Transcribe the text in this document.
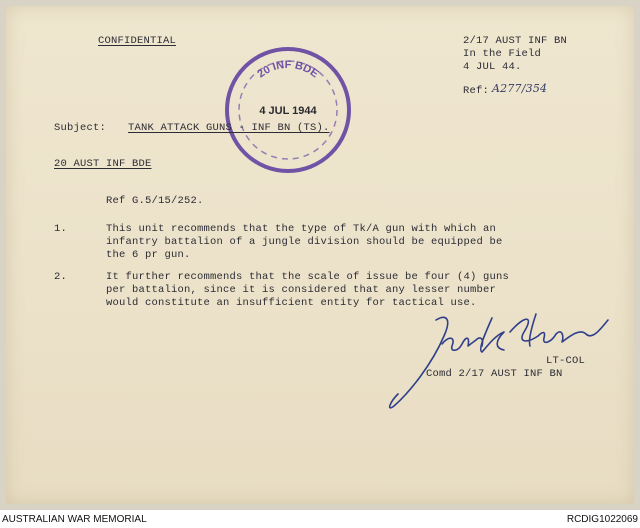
CONFIDENTIAL	2/17 AUST INF BN
In the Field
4 JUL 44.
Ref: A277/354
20 INF BDE
4 JUL 1944
Subject: TANK ATTACK GUNS - INF BN (TS).
20 AUST INF BDE
Ref G.5/15/252.
1.	This unit recommends that the type of Tk/A gun with which an
infantry battalion of a jungle division should be equipped be
the 6 pr gun.
2.	It further recommends that the scale of issue be four (4) guns
per battalion, since it is considered that any lesser number
would constitute an insufficient entity for tactical use.
LT-COL
Comd 2/17 AUST INF BN
AUSTRALIAN WAR MEMORIAL	RCDIG1022069
